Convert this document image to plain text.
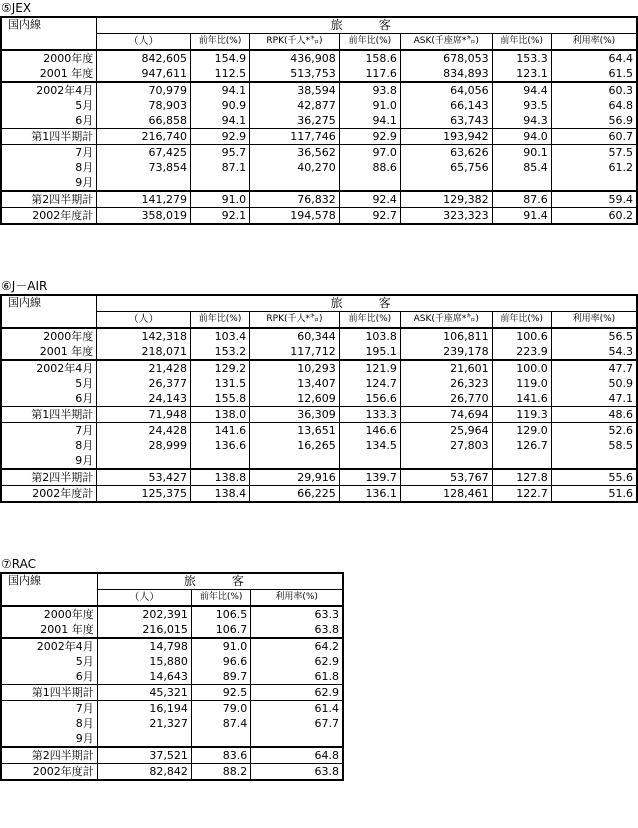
⑤JEX
国内線	旅　客						
	（人）	前年比(%)	RPK(千人*㌔)	前年比(%)	ASK(千座席*㌔)	前年比(%)	利用率(%)
2000年度	842,605	154.9	436,908	158.6	678,053	153.3	64.4
2001 年度	947,611	112.5	513,753	117.6	834,893	123.1	61.5
2002年4月	70,979	94.1	38,594	93.8	64,056	94.4	60.3
5月	78,903	90.9	42,877	91.0	66,143	93.5	64.8
6月	66,858	94.1	36,275	94.1	63,743	94.3	56.9
第1四半期計	216,740	92.9	117,746	92.9	193,942	94.0	60.7
7月	67,425	95.7	36,562	97.0	63,626	90.1	57.5
8月	73,854	87.1	40,270	88.6	65,756	85.4	61.2
9月							
第2四半期計	141,279	91.0	76,832	92.4	129,382	87.6	59.4
2002年度計	358,019	92.1	194,578	92.7	323,323	91.4	60.2
⑥J－AIR
国内線	旅　客						
	（人）	前年比(%)	RPK(千人*㌔)	前年比(%)	ASK(千座席*㌔)	前年比(%)	利用率(%)
2000年度	142,318	103.4	60,344	103.8	106,811	100.6	56.5
2001 年度	218,071	153.2	117,712	195.1	239,178	223.9	54.3
2002年4月	21,428	129.2	10,293	121.9	21,601	100.0	47.7
5月	26,377	131.5	13,407	124.7	26,323	119.0	50.9
6月	24,143	155.8	12,609	156.6	26,770	141.6	47.1
第1四半期計	71,948	138.0	36,309	133.3	74,694	119.3	48.6
7月	24,428	141.6	13,651	146.6	25,964	129.0	52.6
8月	28,999	136.6	16,265	134.5	27,803	126.7	58.5
9月							
第2四半期計	53,427	138.8	29,916	139.7	53,767	127.8	55.6
2002年度計	125,375	138.4	66,225	136.1	128,461	122.7	51.6
⑦RAC
国内線	旅　客		
	（人）	前年比(%)	利用率(%)
2000年度	202,391	106.5	63.3
2001 年度	216,015	106.7	63.8
2002年4月	14,798	91.0	64.2
5月	15,880	96.6	62.9
6月	14,643	89.7	61.8
第1四半期計	45,321	92.5	62.9
7月	16,194	79.0	61.4
8月	21,327	87.4	67.7
9月			
第2四半期計	37,521	83.6	64.8
2002年度計	82,842	88.2	63.8
